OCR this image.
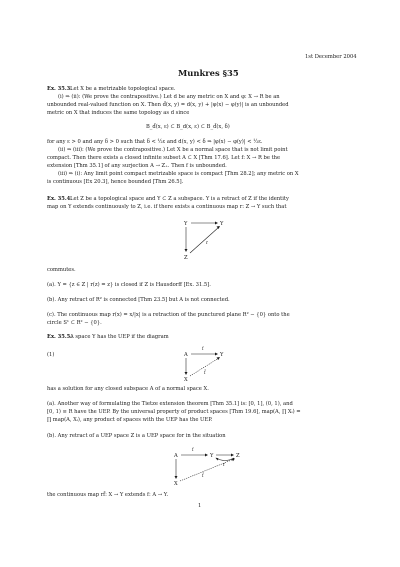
1st December 2004
Munkres §35
Ex. 35.3.
Let X be a metrizable topological space.
(i) ⇒ (ii): (We prove the contrapositive.) Let d be any metric on X and φ: X → R be an
unbounded real-valued function on X. Then d̄(x, y) = d(x, y) + |φ(x) − φ(y)| is an unbounded
metric on X that induces the same topology as d since
B_d̄(x, ε) ⊂ B_d(x, ε) ⊂ B_d̄(x, δ)
for any ε > 0 and any δ > 0 such that δ < ½ε and d(x, y) < δ ⇒ |φ(x) − φ(y)| < ½ε.
(ii) ⇒ (iii): (We prove the contrapositive.) Let X be a normal space that is not limit point
compact. Then there exists a closed infinite subset A ⊂ X [Thm 17.6]. Let f: X → R be the
extension [Thm 35.1] of any surjection A → Z₊. Then f is unbounded.
(iii) ⇒ (i): Any limit point compact metrizable space is compact [Thm 28.2]; any metric on X
is continuous [Ex 20.3], hence bounded [Thm 26.5].
Ex. 35.4.
Let Z be a topological space and Y ⊂ Z a subspace. Y is a retract of Z if the identity
map on Y extends continuously to Z, i.e. if there exists a continuous map r: Z → Y such that
Y	Y
Z
r
commutes.
(a). Y = {z ∈ Z | r(z) = z} is closed if Z is Hausdorff [Ex. 31.5].
(b). Any retract of R² is connected [Thm 23.5] but A is not connected.
(c). The continuous map r(x) = x/|x| is a retraction of the punctured plane R² − {0} onto the
circle S¹ ⊂ R² − {0}.
Ex. 35.5.
A space Y has the UEP if the diagram
(1)	A	Y
X
f
f̄
has a solution for any closed subspace A of a normal space X.
(a). Another way of formulating the Tietze extension theorem [Thm 35.1] is: [0, 1], (0, 1), and
[0, 1) ≅ R have the UEP. By the universal property of product spaces [Thm 19.6], map(A, ∏ Xᵢ) =
∏ map(A, Xᵢ), any product of spaces with the UEP has the UEP.
(b). Any retract of a UEP space Z is a UEP space for in the situation
A	Y	Z
X
f
r
f̄
the continuous map rf̄: X → Y extends f: A → Y.
1
